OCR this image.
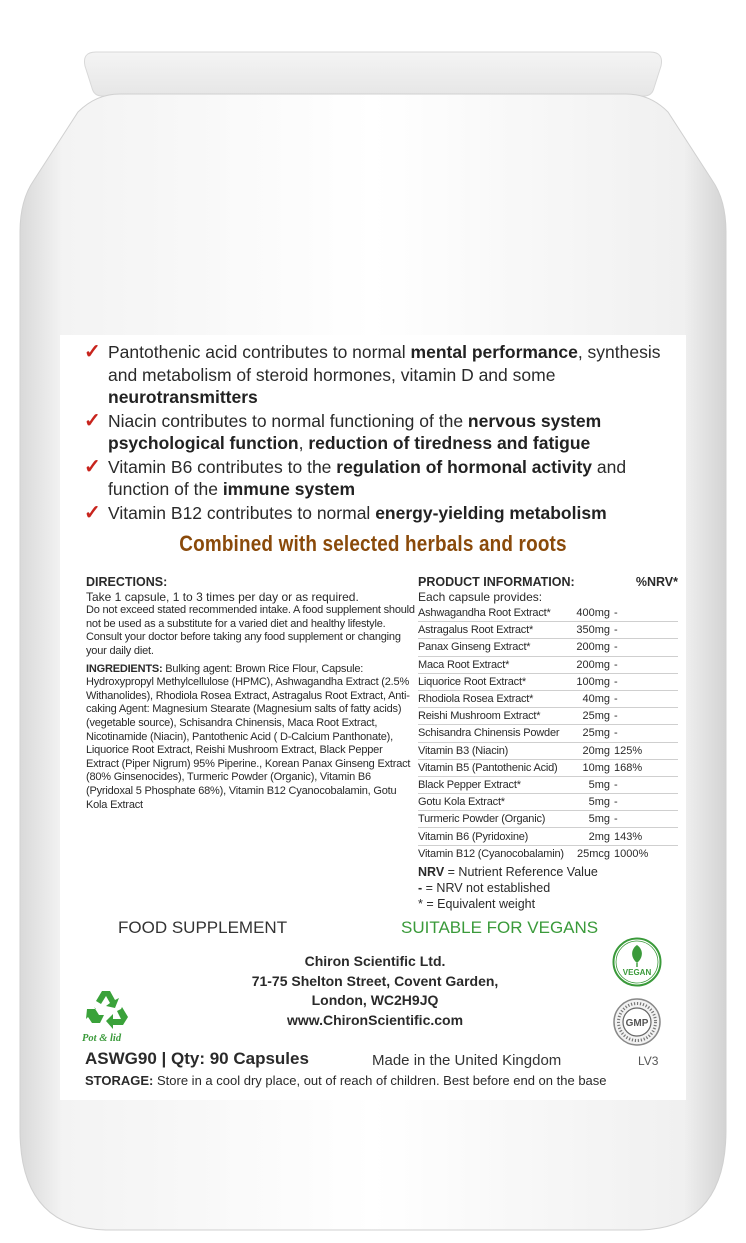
✓ Pantothenic acid contributes to normal mental performance, synthesis and metabolism of steroid hormones, vitamin D and some neurotransmitters
✓ Niacin contributes to normal functioning of the nervous system psychological function, reduction of tiredness and fatigue
✓ Vitamin B6 contributes to the regulation of hormonal activity and function of the immune system
✓ Vitamin B12 contributes to normal energy-yielding metabolism
Combined with selected herbals and roots
DIRECTIONS:
Take 1 capsule, 1 to 3 times per day or as required.
Do not exceed stated recommended intake. A food supplement should not be used as a substitute for a varied diet and healthy lifestyle. Consult your doctor before taking any food supplement or changing your daily diet.
INGREDIENTS: Bulking agent: Brown Rice Flour, Capsule: Hydroxypropyl Methylcellulose (HPMC), Ashwagandha Extract (2.5% Withanolides), Rhodiola Rosea Extract, Astragalus Root Extract, Anti-caking Agent: Magnesium Stearate (Magnesium salts of fatty acids) (vegetable source), Schisandra Chinensis, Maca Root Extract, Nicotinamide (Niacin), Pantothenic Acid ( D-Calcium Panthonate), Liquorice Root Extract, Reishi Mushroom Extract, Black Pepper Extract (Piper Nigrum) 95% Piperine., Korean Panax Ginseng Extract (80% Ginsenocides), Turmeric Powder (Organic), Vitamin B6 (Pyridoxal 5 Phosphate 68%), Vitamin B12 Cyanocobalamin, Gotu Kola Extract
PRODUCT INFORMATION:	%NRV*
Each capsule provides:
Ashwagandha Root Extract*	400mg	-
Astragalus Root Extract*	350mg	-
Panax Ginseng Extract*	200mg	-
Maca Root Extract*	200mg	-
Liquorice Root Extract*	100mg	-
Rhodiola Rosea Extract*	40mg	-
Reishi Mushroom Extract*	25mg	-
Schisandra Chinensis Powder	25mg	-
Vitamin B3 (Niacin)	20mg	125%
Vitamin B5 (Pantothenic Acid)	10mg	168%
Black Pepper Extract*	5mg	-
Gotu Kola Extract*	5mg	-
Turmeric Powder (Organic)	5mg	-
Vitamin B6 (Pyridoxine)	2mg	143%
Vitamin B12 (Cyanocobalamin)	25mcg	1000%
NRV = Nutrient Reference Value
- = NRV not established
* = Equivalent weight
FOOD SUPPLEMENT	SUITABLE FOR VEGANS
Chiron Scientific Ltd.
71-75 Shelton Street, Covent Garden,
London, WC2H9JQ
www.ChironScientific.com
Pot & lid
VEGAN
GMP
ASWG90 | Qty: 90 Capsules	Made in the United Kingdom	LV3
STORAGE: Store in a cool dry place, out of reach of children. Best before end on the base
